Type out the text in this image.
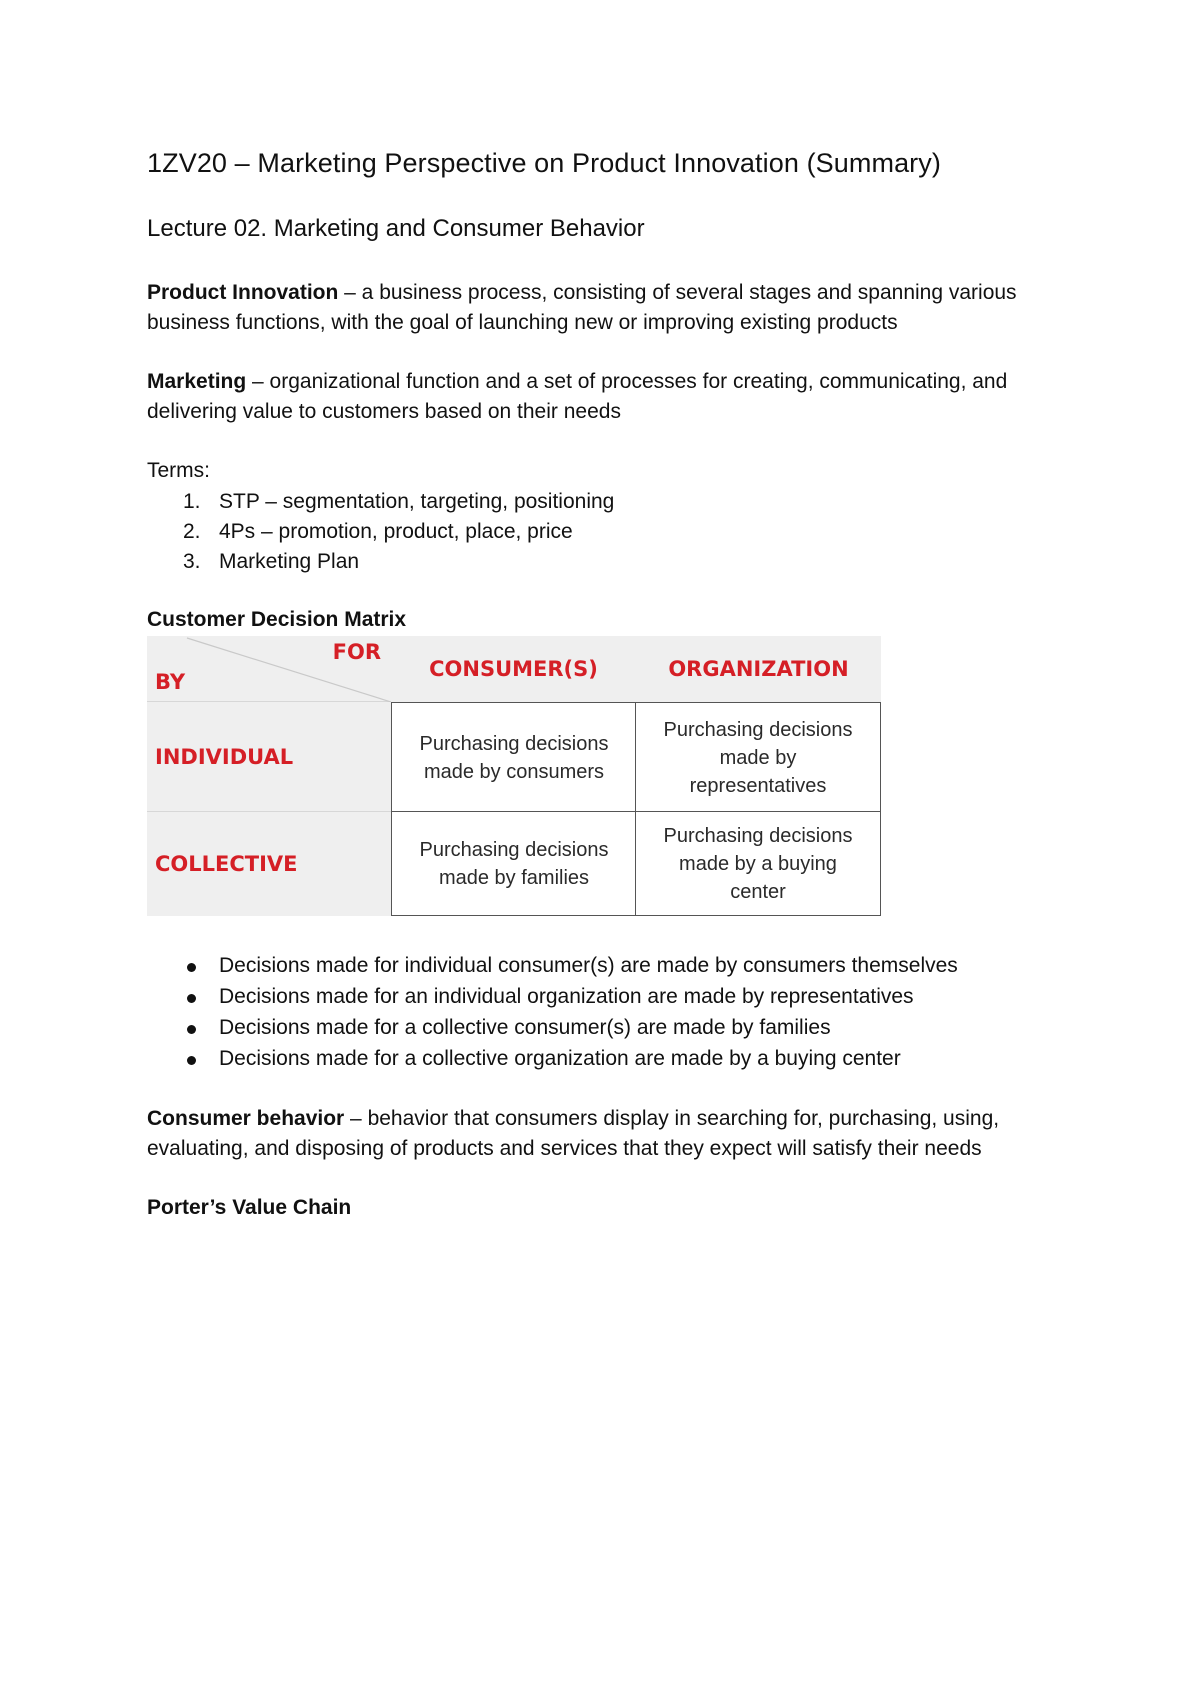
1ZV20 – Marketing Perspective on Product Innovation (Summary)
Lecture 02. Marketing and Consumer Behavior
Product Innovation – a business process, consisting of several stages and spanning various
business functions, with the goal of launching new or improving existing products
Marketing – organizational function and a set of processes for creating, communicating, and
delivering value to customers based on their needs
Terms:
1. STP – segmentation, targeting, positioning
2. 4Ps – promotion, product, place, price
3. Marketing Plan
Customer Decision Matrix
FOR
BY
CONSUMER(S)	ORGANIZATION
INDIVIDUAL
COLLECTIVE
Purchasing decisions
made by consumers
Purchasing decisions
made by
representatives
Purchasing decisions
made by families
Purchasing decisions
made by a buying
center
Decisions made for individual consumer(s) are made by consumers themselves
Decisions made for an individual organization are made by representatives
Decisions made for a collective consumer(s) are made by families
Decisions made for a collective organization are made by a buying center
Consumer behavior – behavior that consumers display in searching for, purchasing, using,
evaluating, and disposing of products and services that they expect will satisfy their needs
Porter’s Value Chain
